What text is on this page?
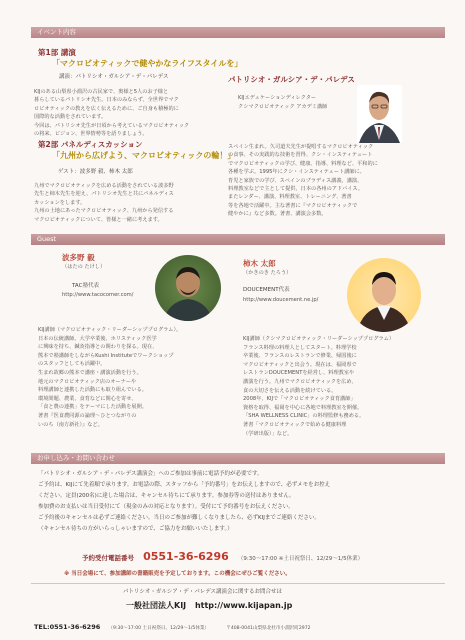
イベント内容
第1部 講演
「マクロビオティックで健やかなライフスタイルを」
講演：パトリシオ・ガルシア・デ・パレデス
KIJのある山梨県小淵沢の古民家で、奥様と5人のお子様と
暮らしているパトリシオ先生。日本のみならず、全世界でマク
ロビオティックの教えを広く伝えるために、ご自身も積極的に
国際的な活動をされています。
今回は、パトリシオ先生が日頃から考えているマクロビオティック
の将来、ビジョン、世界情勢等を語りましょう。
パトリシオ・ガルシア・デ・パレデス
KIJエデュケーションディレクター
クシマクロビオティック アカデミ講師
スペイン生まれ。久司道夫先生が提唱するマクロビオティック
の食事、その実践的な技術を習得、クシ・インスティテュート
でマクロビオティックの学び、健康、指導、料理など、平和的に
各種を学ぶ。1995年にクシ・インスティテュート講師に、
育児と家族での学び、スペインのブラディス講義、講演、
料理教室などで主として提供、日本の各州のアドバイス。
またレンダー、講演、料理教室、トレーニング、著書
等を各地で活躍中。主な著書に『マクロビオティックで
健やかに』など多数。著書、講演会多数。
第2部 パネルディスカッション
「九州から広げよう、マクロビオティックの輪！」
ゲスト：波多野 毅、柿木 太郎
九州でマクロビオティックを広める活動をされている波多野
先生と柿木先生を迎え、パトリシオ先生と共にパネルディス
カッションをします。
九州の土地にあったマクロビオティック、九州から発信する
マクロビオティックについて、皆様と一緒に考えます。
Guest
波多野 毅
（はたの たけし）
TAC塾代表
http://www.tacocomer.com/
KIJ講師（マクロビオティック・リーダーシッププログラム）。
日本の伝統講師。大学卒業後、ホリスティック医学
に興味を持ち、鍼灸指導との関わりを探る。現在、
熊本で塾講師をしながらKushi Instituteでワークショップ
のスタッフとしても活躍中。
生まれ故郷の熊本で講座・講演活動を行う。
地元のマクロビオティック店のオーナーや
料理講師と連携した活動にも取り組んでいる。
環境問題、農業、食育などに関心を寄せ、
「食と農の連携」をテーマにした活動を展開。
著書『医食農同源の論理～ひとつながりの
いのち（南方新社）』など。
柿木 太郎
（かきのき たろう）
DOUCEMENT代表
http://www.doucement.ne.jp/
KIJ講師（クシマクロビオティック・リーダーシッププログラム）
フランス料理の料理人としてスタート。料理学校
卒業後、フランスのレストランで修業、帰国後に
マクロビオティックと出会う。現在は、福岡県で
レストランDOUCEMENTを経営し、料理教室や
講演を行う。九州でマクロビオティックを広め、
食の大切さを伝える活動を続けている。
2008年、KIJで「マクロビオティック食育講師」
資格を取得、福岡を中心に各地で料理教室を開催。
「SHA WELLNESS CLINIC」の料理監修も務める。
著書「マクロビオティックで始める健康料理
（学研出版）」など。
お申し込み・お問い合わせ
「パトリシオ・ガルシア・デ・パレデス講演会」へのご参加は事前に電話予約が必要です。
ご予約は、KIJにて先着順で承ります。お電話の際、スタッフから「予約番号」をお伝えしますので、必ずメモをお控え
ください。定員(200名)に達した場合は、キャンセル待ちにて承ります。参加券等の送付はありません。
参加費のお支払いは当日受付にて（現金のみの対応となります）。受付にて予約番号をお伝えください。
ご予約後のキャンセルは必ずご連絡ください。当日のご参加が難しくなりましたら、必ずKIJまでご連絡ください。
（キャンセル待ちの方がいらっしゃいますので、ご協力をお願いいたします。）
予約受付電話番号 0551-36-6296 （9:30～17:00 ※土日祝祭日、12/29～1/5休業）
※ 当日会場にて、参加講師の書籍販売を予定しております。この機会にぜひご覧ください。
パトリシオ・ガルシア・デ・パレデス講演会に関するお問合せは
一般社団法人KIJ http://www.kijapan.jp
TEL:0551-36-6296 （9:30～17:00 土日祝祭日、12/29～1/5休業）	〒408-0041山梨県北杜市小淵沢町2972
